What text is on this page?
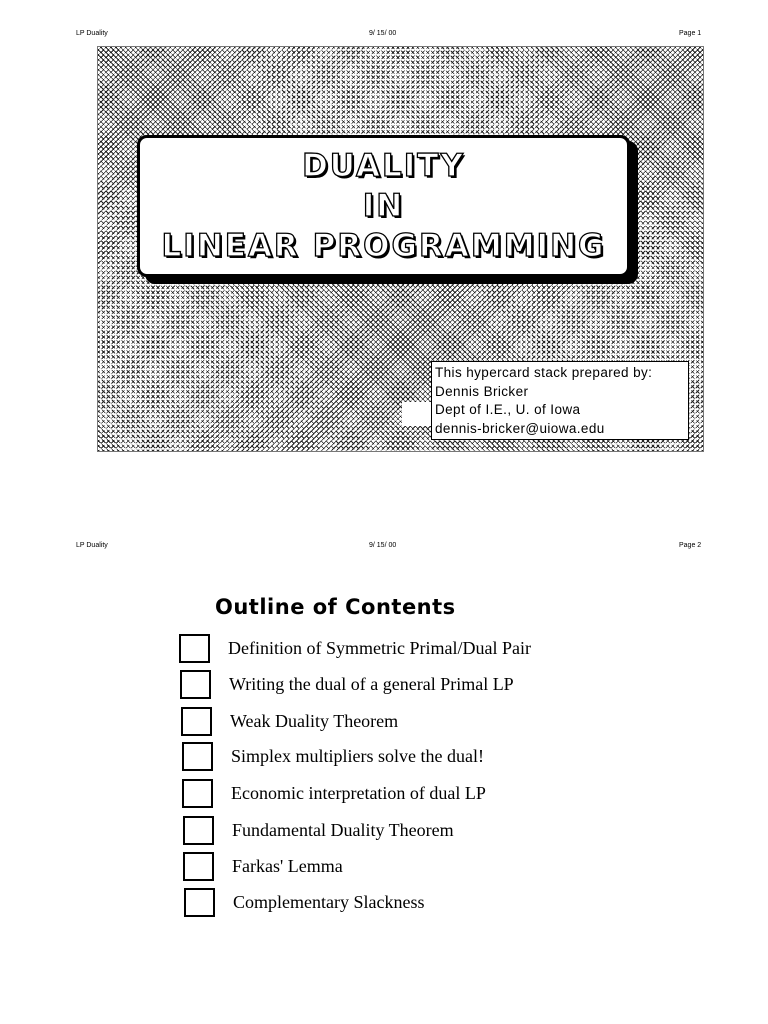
LP Duality	9/ 15/ 00	Page 1
DUALITY
IN
LINEAR PROGRAMMING
This hypercard stack prepared by:
Dennis Bricker
Dept of I.E., U. of Iowa
dennis-bricker@uiowa.edu
LP Duality	9/ 15/ 00	Page 2
Outline of Contents
Definition of Symmetric Primal/Dual Pair
Writing the dual of a general Primal LP
Weak Duality Theorem
Simplex multipliers solve the dual!
Economic interpretation of dual LP
Fundamental Duality Theorem
Farkas' Lemma
Complementary Slackness
